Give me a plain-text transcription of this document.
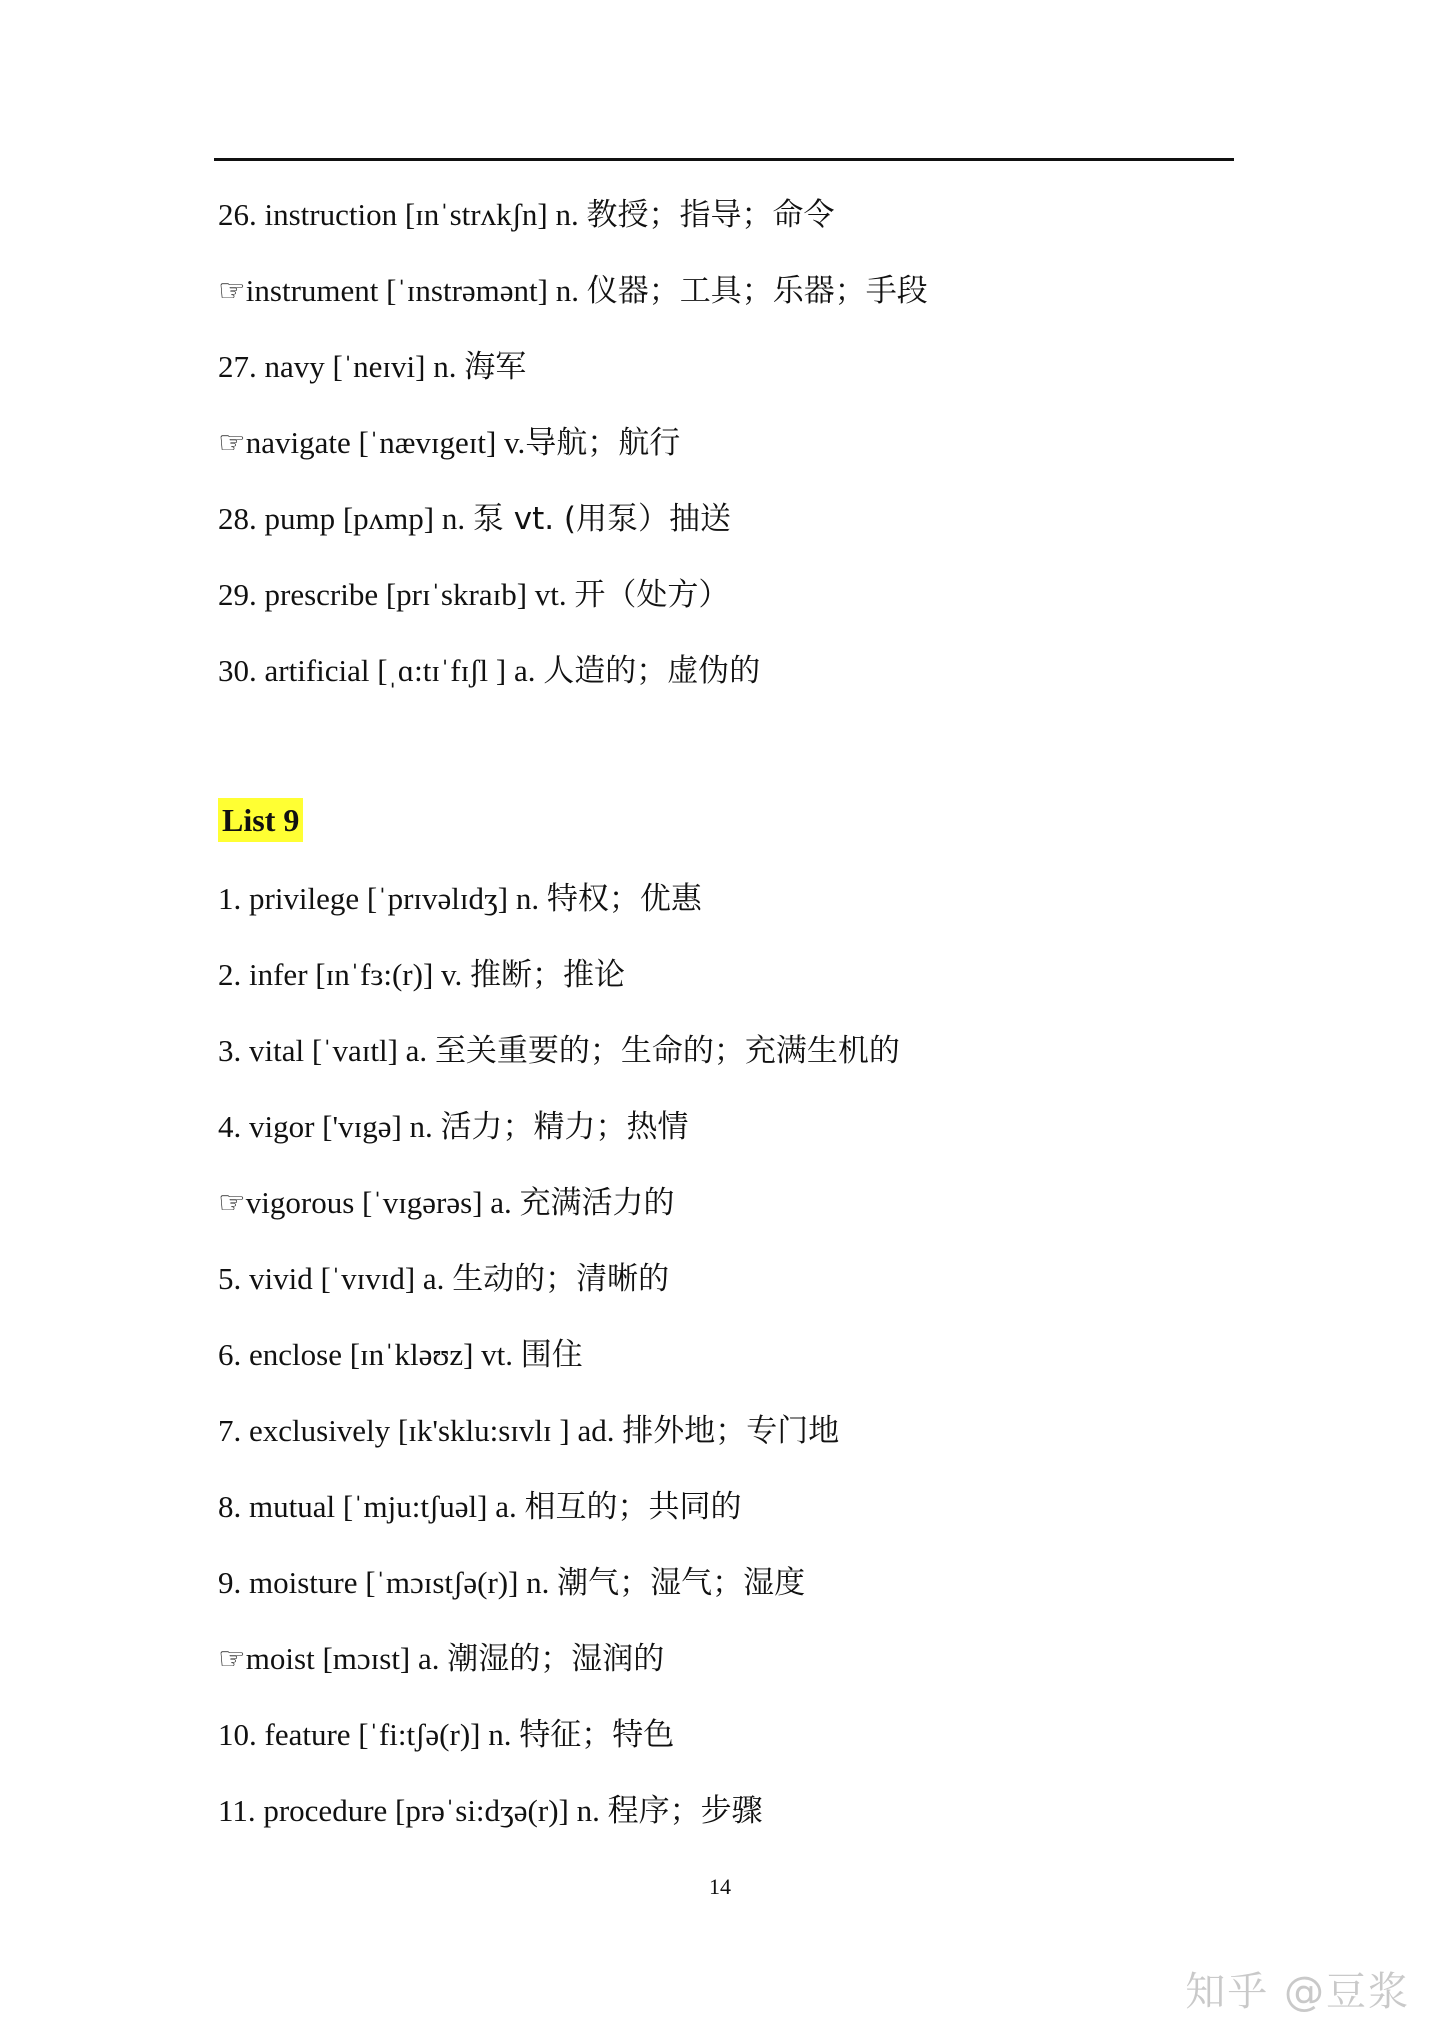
26. instruction [ɪnˈstrʌkʃn] n. 教授；指导；命令
☞instrument [ˈɪnstrəmənt] n. 仪器；工具；乐器；手段
27. navy [ˈneɪvi] n. 海军
☞navigate [ˈnævɪgeɪt] v.导航；航行
28. pump [pʌmp] n. 泵 vt. (用泵）抽送
29. prescribe [prɪˈskraɪb] vt. 开（处方）
30. artificial [ˌɑ:tɪˈfɪʃl ] a. 人造的；虚伪的
1. privilege [ˈprɪvəlɪdʒ] n. 特权；优惠
2. infer [ɪnˈfɜ:(r)] v. 推断；推论
3. vital [ˈvaɪtl] a. 至关重要的；生命的；充满生机的
4. vigor ['vɪgə] n. 活力；精力；热情
☞vigorous [ˈvɪgərəs] a. 充满活力的
5. vivid [ˈvɪvɪd] a. 生动的；清晰的
6. enclose [ɪnˈkləʊz] vt. 围住
7. exclusively [ɪk'sklu:sɪvlɪ ] ad. 排外地；专门地
8. mutual [ˈmju:tʃuəl] a. 相互的；共同的
9. moisture [ˈmɔɪstʃə(r)] n. 潮气；湿气；湿度
☞moist [mɔɪst] a. 潮湿的；湿润的
10. feature [ˈfi:tʃə(r)] n. 特征；特色
11. procedure [prəˈsi:dʒə(r)] n. 程序；步骤
List 9
14
知乎 @豆浆
